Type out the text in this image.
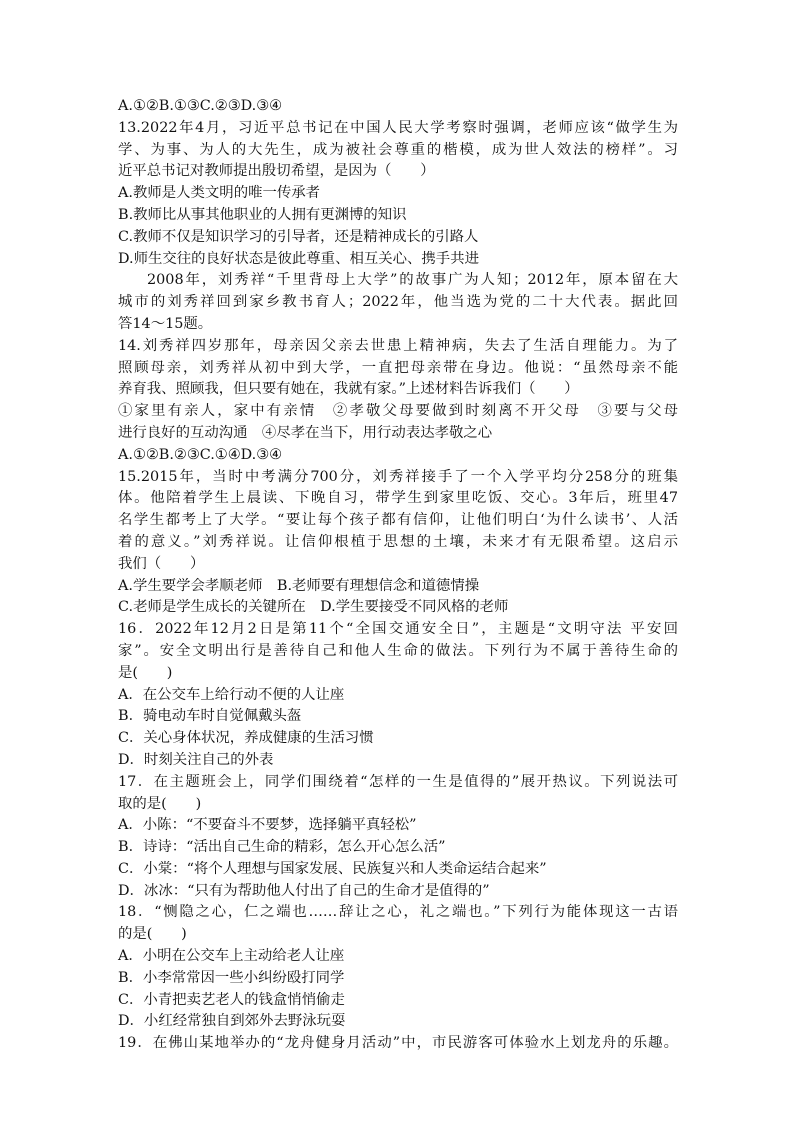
A.①②B.①③C.②③D.③④
13.2022年4月，习近平总书记在中国人民大学考察时强调，老师应该“做学生为
学、为事、为人的大先生，成为被社会尊重的楷模，成为世人效法的榜样”。习
近平总书记对教师提出殷切希望，是因为（　　）
A.教师是人类文明的唯一传承者
B.教师比从事其他职业的人拥有更渊博的知识
C.教师不仅是知识学习的引导者，还是精神成长的引路人
D.师生交往的良好状态是彼此尊重、相互关心、携手共进
2008年，刘秀祥“千里背母上大学”的故事广为人知；2012年，原本留在大
城市的刘秀祥回到家乡教书育人；2022年，他当选为党的二十大代表。据此回
答14～15题。
14.刘秀祥四岁那年，母亲因父亲去世患上精神病，失去了生活自理能力。为了
照顾母亲，刘秀祥从初中到大学，一直把母亲带在身边。他说：“虽然母亲不能
养育我、照顾我，但只要有她在，我就有家。”上述材料告诉我们（　　）
①家里有亲人，家中有亲情　②孝敬父母要做到时刻离不开父母　③要与父母
进行良好的互动沟通　④尽孝在当下，用行动表达孝敬之心
A.①②B.②③C.①④D.③④
15.2015年，当时中考满分700分，刘秀祥接手了一个入学平均分258分的班集
体。他陪着学生上晨读、下晚自习，带学生到家里吃饭、交心。3年后，班里47
名学生都考上了大学。“要让每个孩子都有信仰，让他们明白‘为什么读书’、人活
着的意义。”刘秀祥说。让信仰根植于思想的土壤，未来才有无限希望。这启示
我们（　　）
A.学生要学会孝顺老师　B.老师要有理想信念和道德情操
C.老师是学生成长的关键所在　D.学生要接受不同风格的老师
16．2022年12月2日是第11个“全国交通安全日”，主题是“文明守法 平安回
家”。安全文明出行是善待自己和他人生命的做法。下列行为不属于善待生命的
是(　　)
A．在公交车上给行动不便的人让座
B．骑电动车时自觉佩戴头盔
C．关心身体状况，养成健康的生活习惯
D．时刻关注自己的外表
17．在主题班会上，同学们围绕着“怎样的一生是值得的”展开热议。下列说法可
取的是(　　)
A．小陈：“不要奋斗不要梦，选择躺平真轻松”
B．诗诗：“活出自己生命的精彩，怎么开心怎么活”
C．小棠：“将个人理想与国家发展、民族复兴和人类命运结合起来”
D．冰冰：“只有为帮助他人付出了自己的生命才是值得的”
18．“恻隐之心，仁之端也……辞让之心，礼之端也。”下列行为能体现这一古语
的是(　　)
A．小明在公交车上主动给老人让座
B．小李常常因一些小纠纷殴打同学
C．小青把卖艺老人的钱盒悄悄偷走
D．小红经常独自到郊外去野泳玩耍
19．在佛山某地举办的“龙舟健身月活动”中，市民游客可体验水上划龙舟的乐趣。
